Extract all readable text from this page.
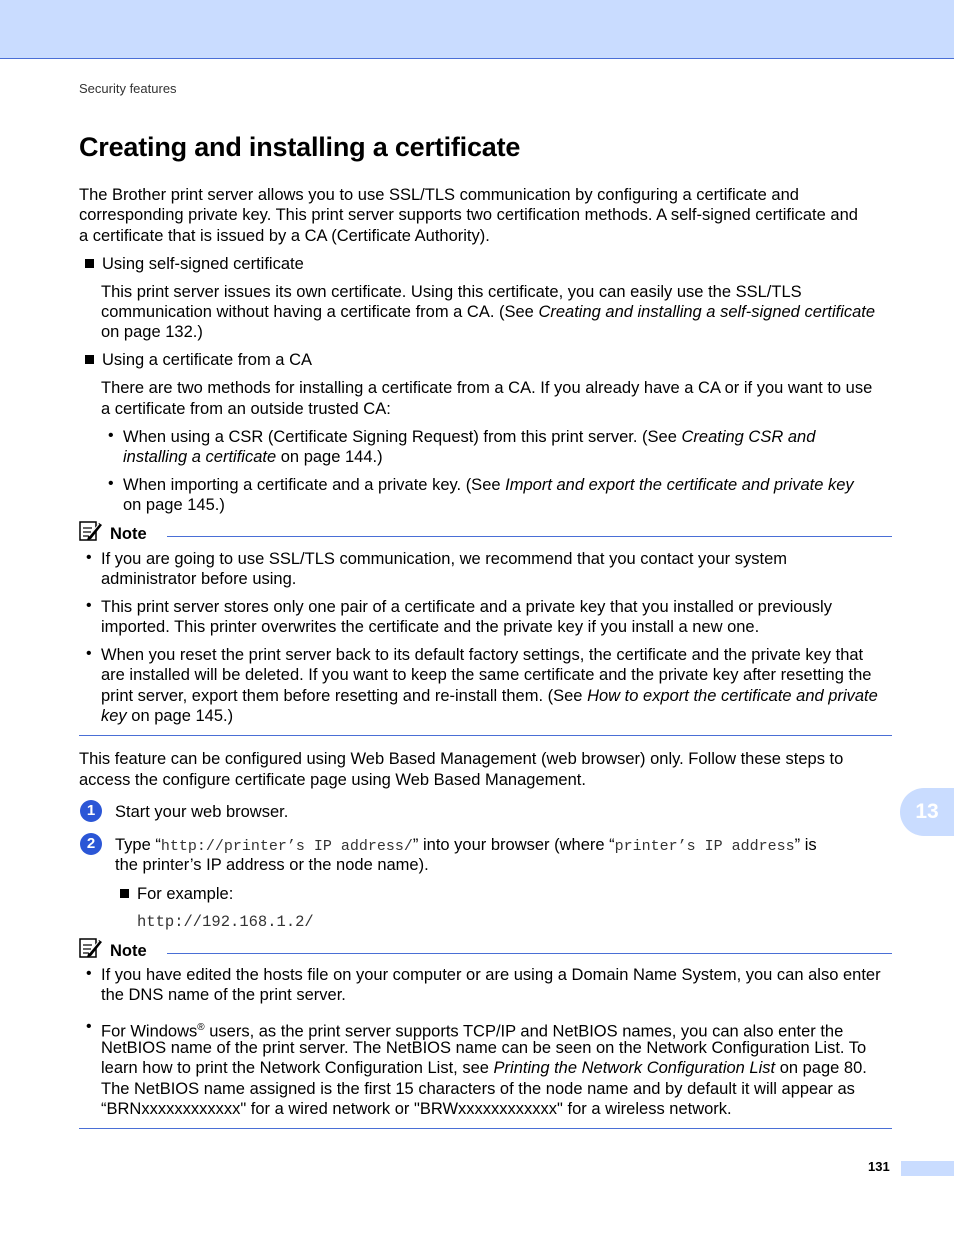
Security features
Creating and installing a certificate
The Brother print server allows you to use SSL/TLS communication by configuring a certificate and
corresponding private key. This print server supports two certification methods. A self-signed certificate and
a certificate that is issued by a CA (Certificate Authority).
Using self-signed certificate
This print server issues its own certificate. Using this certificate, you can easily use the SSL/TLS
communication without having a certificate from a CA. (See Creating and installing a self-signed certificate
on page 132.)
Using a certificate from a CA
There are two methods for installing a certificate from a CA. If you already have a CA or if you want to use
a certificate from an outside trusted CA:
• When using a CSR (Certificate Signing Request) from this print server. (See Creating CSR and
installing a certificate on page 144.)
• When importing a certificate and a private key. (See Import and export the certificate and private key
on page 145.)
Note
• If you are going to use SSL/TLS communication, we recommend that you contact your system
administrator before using.
• This print server stores only one pair of a certificate and a private key that you installed or previously
imported. This printer overwrites the certificate and the private key if you install a new one.
• When you reset the print server back to its default factory settings, the certificate and the private key that
are installed will be deleted. If you want to keep the same certificate and the private key after resetting the
print server, export them before resetting and re-install them. (See How to export the certificate and private
key on page 145.)
This feature can be configured using Web Based Management (web browser) only. Follow these steps to
access the configure certificate page using Web Based Management.
1	Start your web browser.
2	Type “http://printer’s IP address/” into your browser (where “printer’s IP address” is
the printer’s IP address or the node name).
For example:
http://192.168.1.2/
Note
• If you have edited the hosts file on your computer or are using a Domain Name System, you can also enter
the DNS name of the print server.
• For Windows® users, as the print server supports TCP/IP and NetBIOS names, you can also enter the
NetBIOS name of the print server. The NetBIOS name can be seen on the Network Configuration List. To
learn how to print the Network Configuration List, see Printing the Network Configuration List on page 80.
The NetBIOS name assigned is the first 15 characters of the node name and by default it will appear as
“BRNxxxxxxxxxxxx" for a wired network or "BRWxxxxxxxxxxxx" for a wireless network.
13
131
